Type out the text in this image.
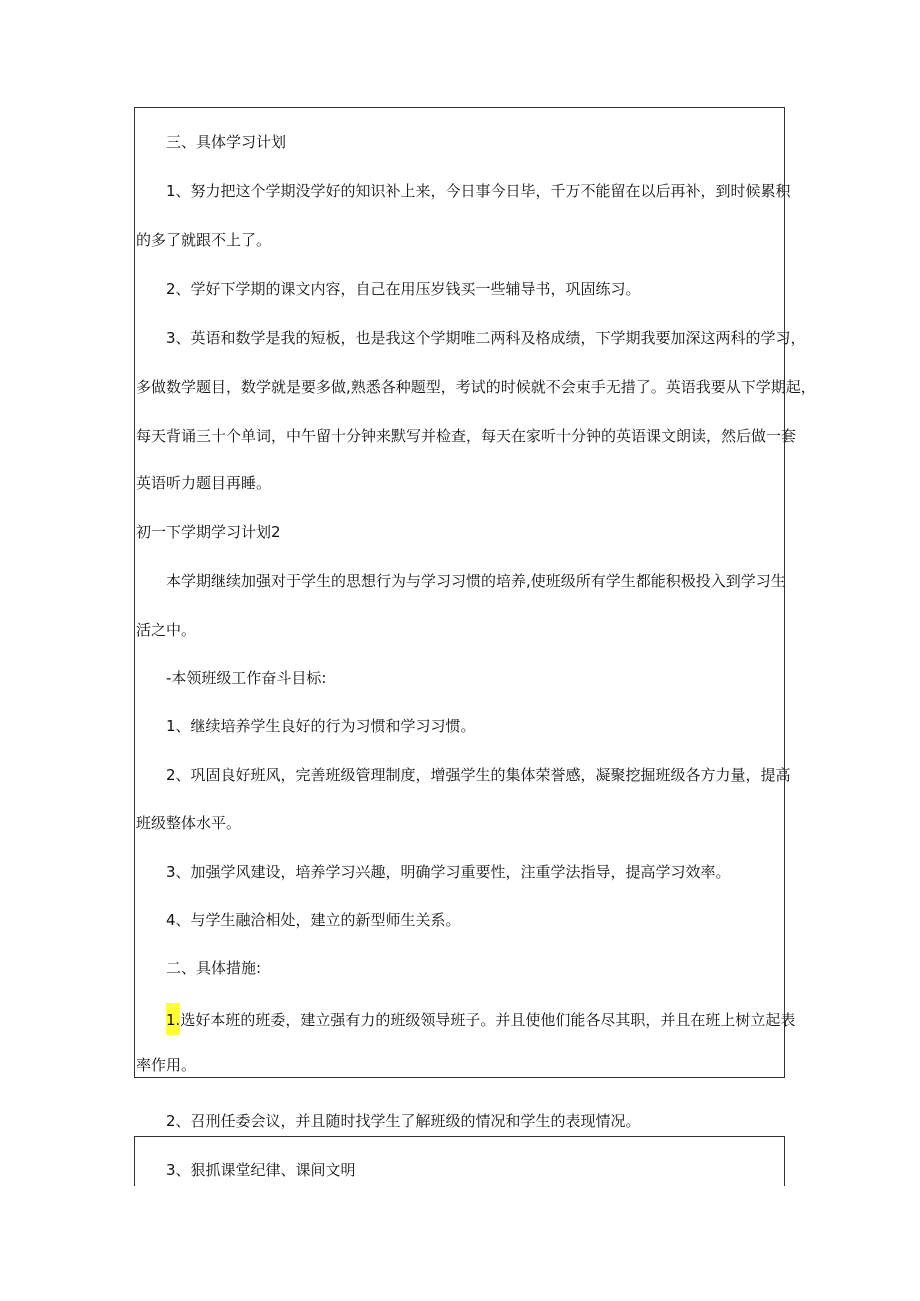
三、具体学习计划
1、努力把这个学期没学好的知识补上来，今日事今日毕，千万不能留在以后再补，到时候累积
的多了就跟不上了。
2、学好下学期的课文内容，自己在用压岁钱买一些辅导书，巩固练习。
3、英语和数学是我的短板，也是我这个学期唯二两科及格成绩，下学期我要加深这两科的学习，
多做数学题目，数学就是要多做,熟悉各种题型，考试的时候就不会束手无措了。英语我要从下学期起，
每天背诵三十个单词，中午留十分钟来默写并检查，每天在家听十分钟的英语课文朗读，然后做一套
英语听力题目再睡。
初一下学期学习计划2
本学期继续加强对于学生的思想行为与学习习惯的培养,使班级所有学生都能积极投入到学习生
活之中。
-本领班级工作奋斗目标:
1、继续培养学生良好的行为习惯和学习习惯。
2、巩固良好班风，完善班级管理制度，增强学生的集体荣誉感，凝聚挖掘班级各方力量，提高
班级整体水平。
3、加强学风建设，培养学习兴趣，明确学习重要性，注重学法指导，提高学习效率。
4、与学生融洽相处，建立的新型师生关系。
二、具体措施:
1.选好本班的班委，建立强有力的班级领导班子。并且使他们能各尽其职，并且在班上树立起表
率作用。
2、召刑任委会议，并且随时找学生了解班级的情况和学生的表现情况。
3、狠抓课堂纪律、课间文明
